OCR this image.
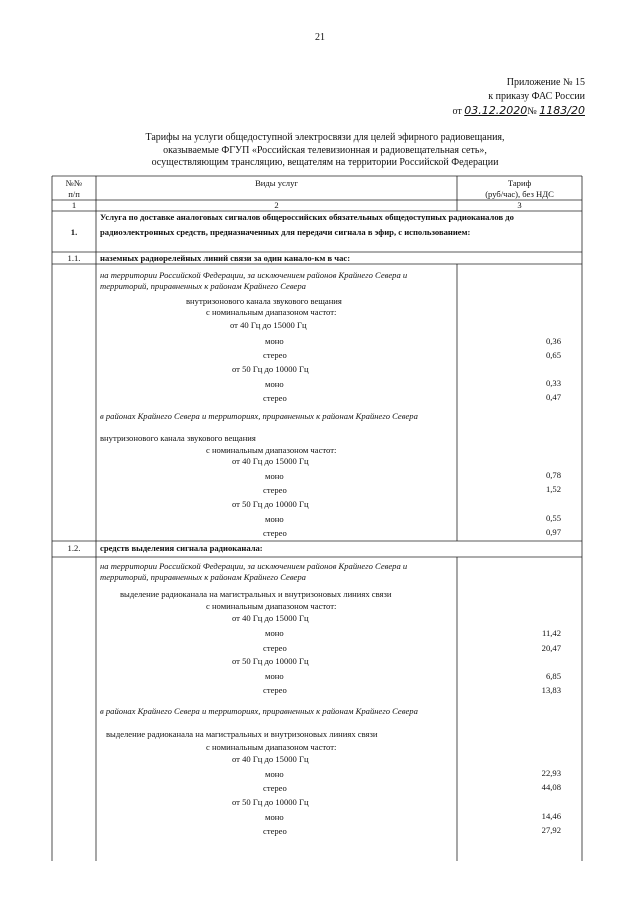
21
Приложение № 15
к приказу ФАС России
от 03.12.2020№ 1183/20
Тарифы на услуги общедоступной электросвязи для целей эфирного радиовещания,
оказываемые ФГУП «Российская телевизионная и радиовещательная сеть»,
осуществляющим трансляцию, вещателям на территории Российской Федерации
№№
п/п
Виды услуг	Тариф
(руб/час), без НДС
1	2	3
1.
Услуга по доставке аналоговых сигналов общероссийских обязательных общедоступных радиоканалов до
радиоэлектронных средств, предназначенных для передачи сигнала в эфир, с использованием:
1.1.	наземных радиорелейных линий связи за один канало-км в час:
на территории Российской Федерации, за исключением районов Крайнего Севера и
территорий, приравненных к районам Крайнего Севера
внутризонового канала звукового вещания
с номинальным диапазоном частот:
от 40 Гц до 15000 Гц
моно	0,36
стерео	0,65
от 50 Гц до 10000 Гц
моно	0,33
стерео	0,47
в районах Крайнего Севера и территориях, приравненных к районам Крайнего Севера
внутризонового канала звукового вещания
с номинальным диапазоном частот:
от 40 Гц до 15000 Гц
моно	0,78
стерео	1,52
от 50 Гц до 10000 Гц
моно	0,55
стерео	0,97
1.2.	средств выделения сигнала радиоканала:
на территории Российской Федерации, за исключением районов Крайнего Севера и
территорий, приравненных к районам Крайнего Севера
выделение радиоканала на магистральных и внутризоновых линиях связи
с номинальным диапазоном частот:
от 40 Гц до 15000 Гц
моно	11,42
стерео	20,47
от 50 Гц до 10000 Гц
моно	6,85
стерео	13,83
в районах Крайнего Севера и территориях, приравненных к районам Крайнего Севера
выделение радиоканала на магистральных и внутризоновых линиях связи
с номинальным диапазоном частот:
от 40 Гц до 15000 Гц
моно	22,93
стерео	44,08
от 50 Гц до 10000 Гц
моно	14,46
стерео	27,92
